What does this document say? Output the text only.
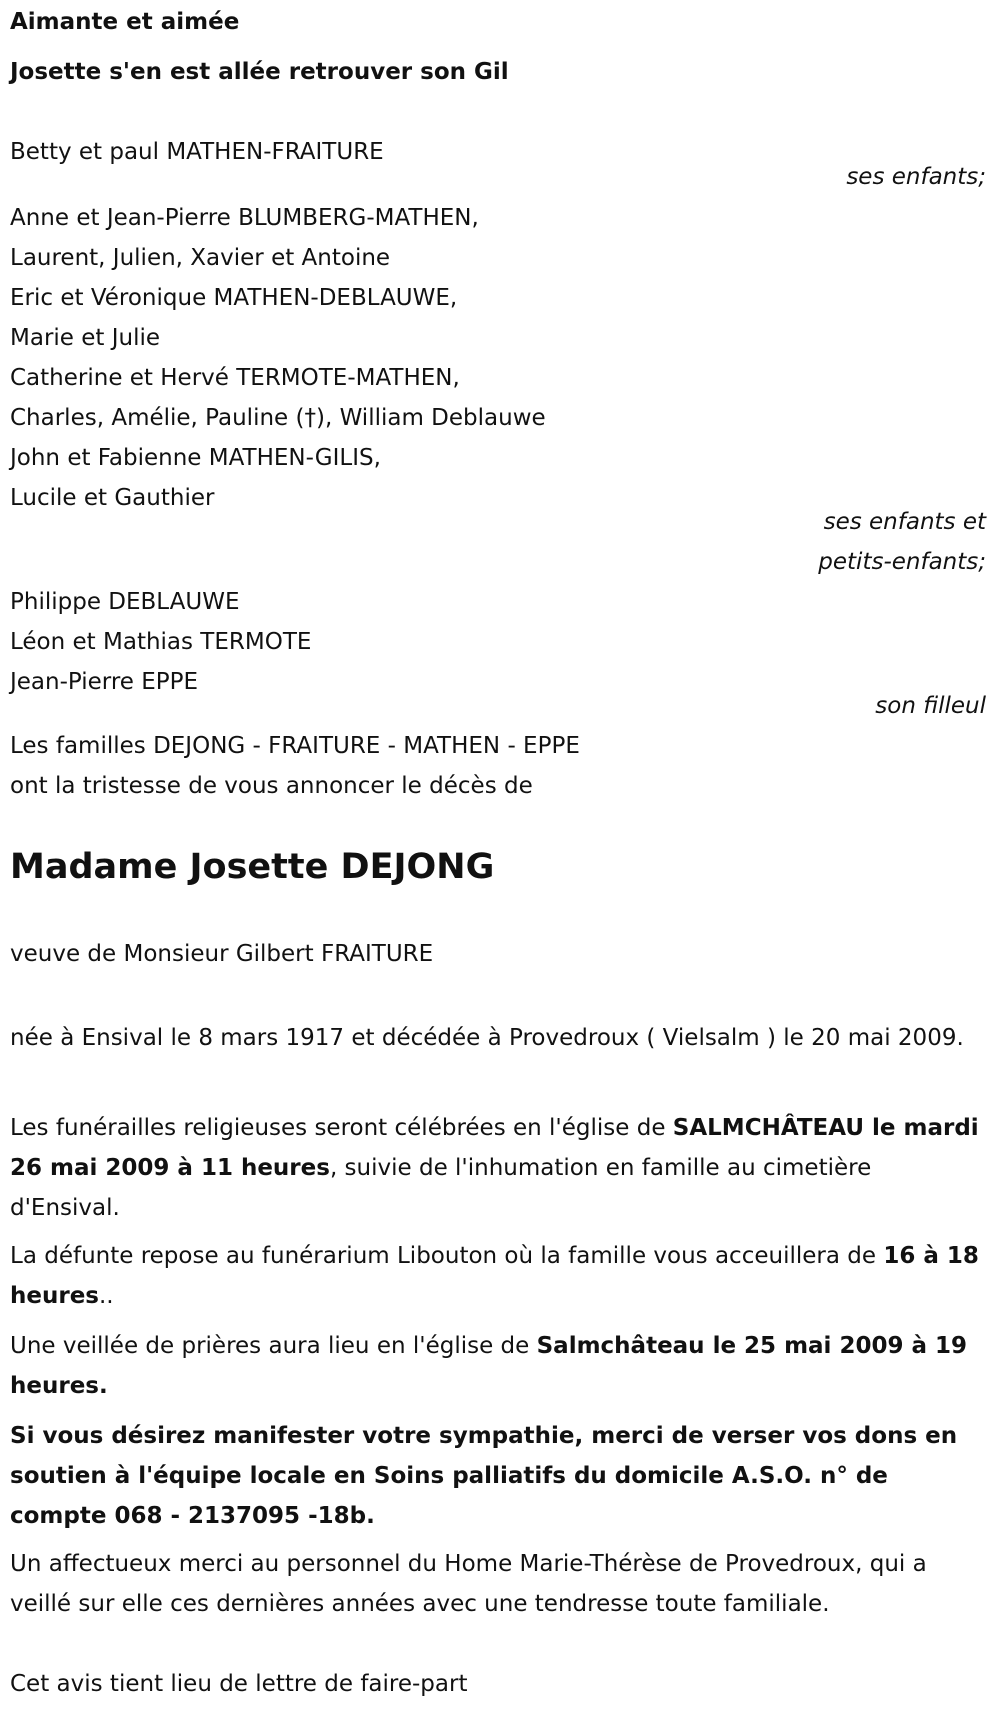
Aimante et aimée
Josette s'en est allée retrouver son Gil
Betty et paul MATHEN-FRAITURE
ses enfants;
Anne et Jean-Pierre BLUMBERG-MATHEN,
Laurent, Julien, Xavier et Antoine
Eric et Véronique MATHEN-DEBLAUWE,
Marie et Julie
Catherine et Hervé TERMOTE-MATHEN,
Charles, Amélie, Pauline (†), William Deblauwe
John et Fabienne MATHEN-GILIS,
Lucile et Gauthier
ses enfants et
petits-enfants;
Philippe DEBLAUWE
Léon et Mathias TERMOTE
Jean-Pierre EPPE
son filleul
Les familles DEJONG - FRAITURE - MATHEN - EPPE
ont la tristesse de vous annoncer le décès de
Madame Josette DEJONG
veuve de Monsieur Gilbert FRAITURE
née à Ensival le 8 mars 1917 et décédée à Provedroux ( Vielsalm ) le 20 mai 2009.
Les funérailles religieuses seront célébrées en l'église de SALMCHÂTEAU le mardi 26 mai 2009 à 11 heures, suivie de l'inhumation en famille au cimetière d'Ensival.
La défunte repose au funérarium Libouton où la famille vous acceuillera de 16 à 18 heures..
Une veillée de prières aura lieu en l'église de Salmchâteau le 25 mai 2009 à 19 heures.
Si vous désirez manifester votre sympathie, merci de verser vos dons en soutien à l'équipe locale en Soins palliatifs du domicile A.S.O. n° de compte 068 - 2137095 -18b.
Un affectueux merci au personnel du Home Marie-Thérèse de Provedroux, qui a veillé sur elle ces dernières années avec une tendresse toute familiale.
Cet avis tient lieu de lettre de faire-part
